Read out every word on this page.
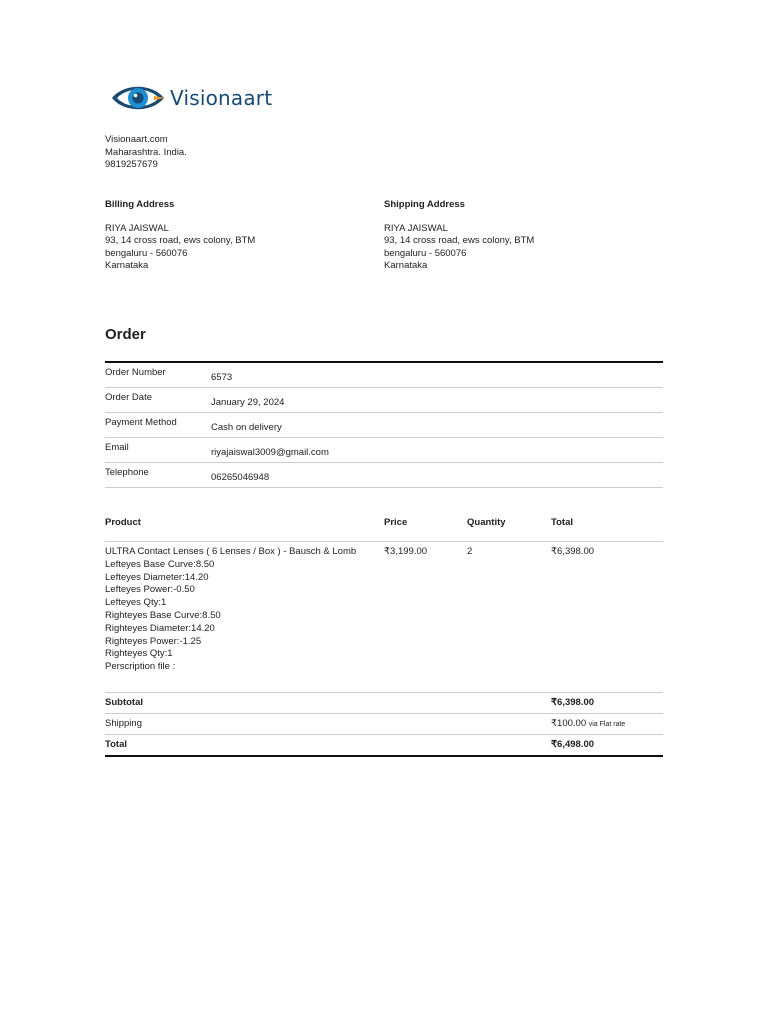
Visionaart
Visionaart.com
Maharashtra. India.
9819257679
Billing Address
RIYA JAISWAL
93, 14 cross road, ews colony, BTM
bengaluru - 560076
Karnataka
Shipping Address
RIYA JAISWAL
93, 14 cross road, ews colony, BTM
bengaluru - 560076
Karnataka
Order
Order Number	6573
Order Date	January 29, 2024
Payment Method	Cash on delivery
Email	riyajaiswal3009@gmail.com
Telephone	06265046948
Product	Price	Quantity	Total
ULTRA Contact Lenses ( 6 Lenses / Box ) - Bausch & Lomb
Lefteyes Base Curve:8.50
Lefteyes Diameter:14.20
Lefteyes Power:-0.50
Lefteyes Qty:1
Righteyes Base Curve:8.50
Righteyes Diameter:14.20
Righteyes Power:-1.25
Righteyes Qty:1
Perscription file :
₹3,199.00	2	₹6,398.00
Subtotal	₹6,398.00
Shipping	₹100.00 via Flat rate
Total	₹6,498.00
